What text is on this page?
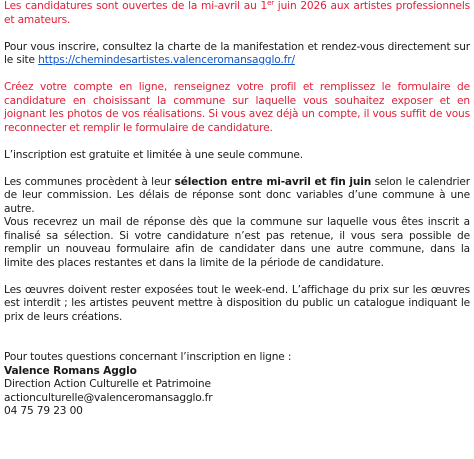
Les candidatures sont ouvertes de la mi-avril au 1er juin 2026 aux artistes professionnels et amateurs.

Pour vous inscrire, consultez la charte de la manifestation et rendez-vous directement sur le site https://chemindesartistes.valenceromansagglo.fr/

Créez votre compte en ligne, renseignez votre profil et remplissez le formulaire de candidature en choisissant la commune sur laquelle vous souhaitez exposer et en joignant les photos de vos réalisations. Si vous avez déjà un compte, il vous suffit de vous reconnecter et remplir le formulaire de candidature.

L’inscription est gratuite et limitée à une seule commune.

Les communes procèdent à leur sélection entre mi-avril et fin juin selon le calendrier de leur commission. Les délais de réponse sont donc variables d’une commune à une autre.

Vous recevrez un mail de réponse dès que la commune sur laquelle vous êtes inscrit a finalisé sa sélection. Si votre candidature n’est pas retenue, il vous sera possible de remplir un nouveau formulaire afin de candidater dans une autre commune, dans la limite des places restantes et dans la limite de la période de candidature.

Les œuvres doivent rester exposées tout le week-end. L’affichage du prix sur les œuvres est interdit ; les artistes peuvent mettre à disposition du public un catalogue indiquant le prix de leurs créations.

Pour toutes questions concernant l’inscription en ligne :

Valence Romans Agglo

Direction Action Culturelle et Patrimoine

actionculturelle@valenceromansagglo.fr

04 75 79 23 00
